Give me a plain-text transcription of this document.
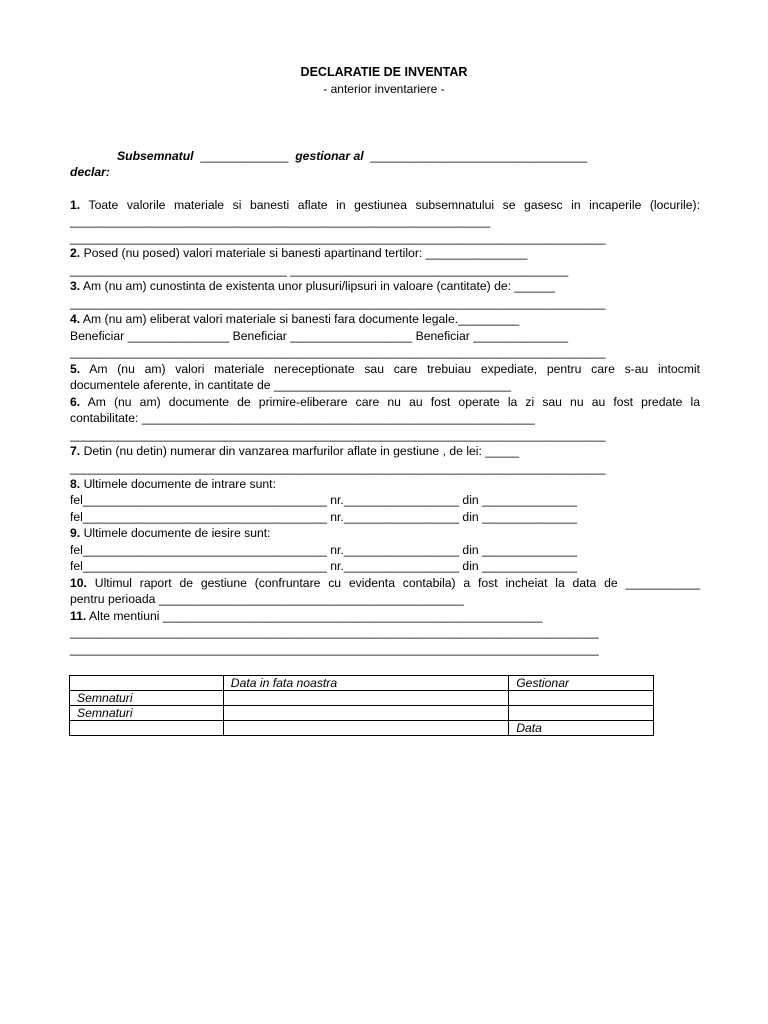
DECLARATIE DE INVENTAR
- anterior inventariere -
Subsemnatul _____________ gestionar al ________________________________
declar:
1. Toate valorile materiale si banesti aflate in gestiunea subsemnatului se gasesc in incaperile (locurile):
______________________________________________________________
_______________________________________________________________________________
2. Posed (nu posed) valori materiale si banesti apartinand tertilor: _______________
________________________________ _________________________________________
3. Am (nu am) cunostinta de existenta unor plusuri/lipsuri in valoare (cantitate) de: ______
_______________________________________________________________________________
4. Am (nu am) eliberat valori materiale si banesti fara documente legale._________
Beneficiar _______________ Beneficiar __________________ Beneficiar ______________
_______________________________________________________________________________
5. Am (nu am) valori materiale nereceptionate sau care trebuiau expediate, pentru care s-au intocmit
documentele aferente, in cantitate de ___________________________________
6. Am (nu am) documente de primire-eliberare care nu au fost operate la zi sau nu au fost predate la
contabilitate: __________________________________________________________
_______________________________________________________________________________
7. Detin (nu detin) numerar din vanzarea marfurilor aflate in gestiune , de lei: _____
_______________________________________________________________________________
8. Ultimele documente de intrare sunt:
fel____________________________________ nr._________________ din ______________
fel____________________________________ nr._________________ din ______________
9. Ultimele documente de iesire sunt:
fel____________________________________ nr._________________ din ______________
fel____________________________________ nr._________________ din ______________
10. Ultimul raport de gestiune (confruntare cu evidenta contabila) a fost incheiat la data de ___________
pentru perioada _____________________________________________
11. Alte mentiuni ________________________________________________________
______________________________________________________________________________
______________________________________________________________________________
	Data in fata noastra	Gestionar
Semnaturi		
Semnaturi		
		Data
